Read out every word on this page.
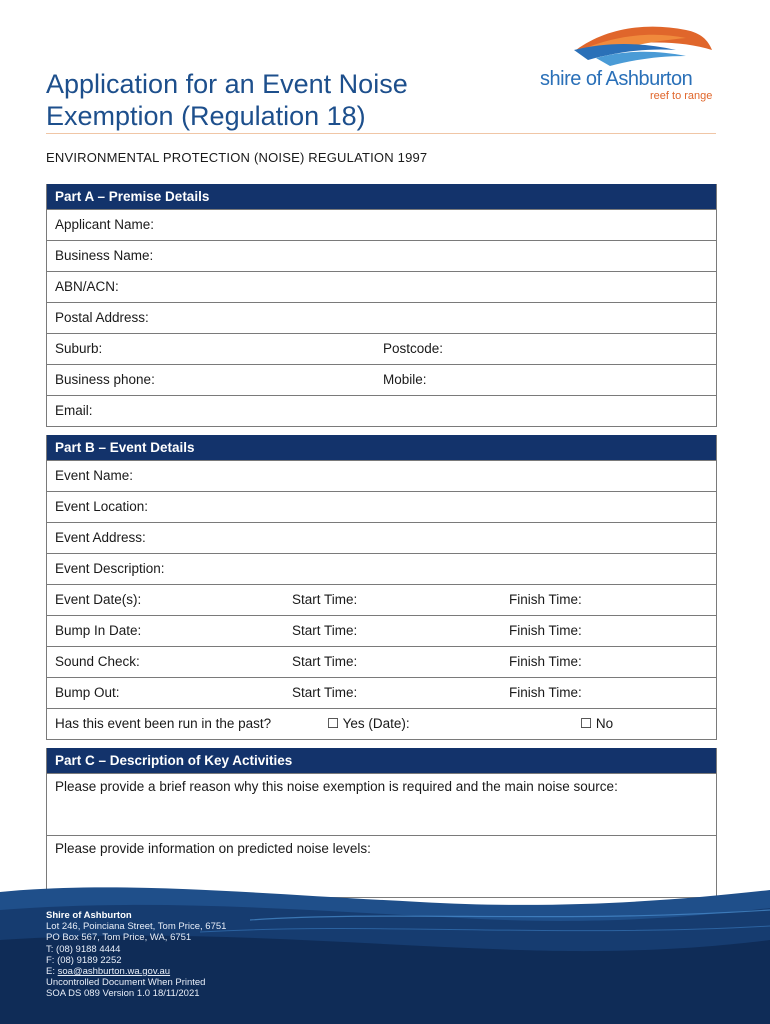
Application for an Event Noise
Exemption (Regulation 18)
shire of Ashburton
reef to range
ENVIRONMENTAL PROTECTION (NOISE) REGULATION 1997
Part A – Premise Details
Applicant Name:
Business Name:
ABN/ACN:
Postal Address:
Suburb:	Postcode:
Business phone:	Mobile:
Email:
Part B – Event Details
Event Name:
Event Location:
Event Address:
Event Description:
Event Date(s):	Start Time:	Finish Time:
Bump In Date:	Start Time:	Finish Time:
Sound Check:	Start Time:	Finish Time:
Bump Out:	Start Time:	Finish Time:
Has this event been run in the past?	☐ Yes (Date):	☐ No
Part C – Description of Key Activities
Please provide a brief reason why this noise exemption is required and the main noise source:
Please provide information on predicted noise levels:
Shire of Ashburton
Lot 246, Poinciana Street, Tom Price, 6751
PO Box 567, Tom Price, WA, 6751
T: (08) 9188 4444
F: (08) 9189 2252
E: soa@ashburton.wa.gov.au
Uncontrolled Document When Printed
SOA DS 089 Version 1.0 18/11/2021
